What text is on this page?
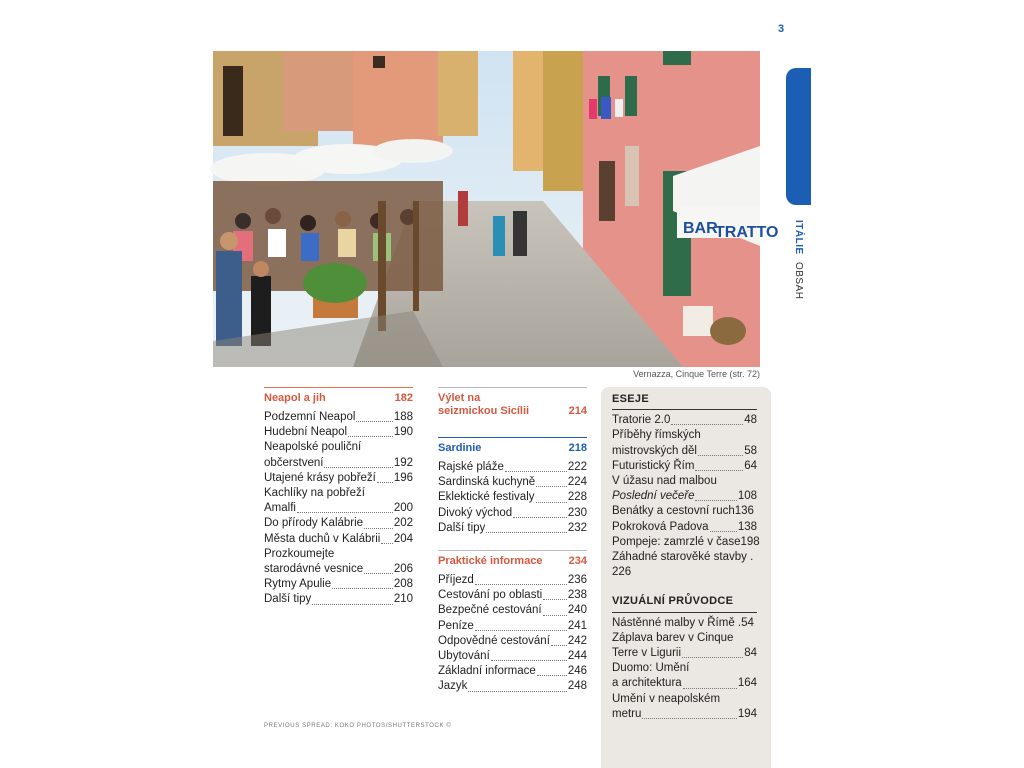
3
ITÁLIE OBSAH
BAR
TRATTO
Vernazza, Cinque Terre (str. 72)
Neapol a jih	182
Podzemní Neapol	188
Hudební Neapol	190
Neapolské pouliční
občerstvení	192
Utajené krásy pobřeží 196
Kachlíky na pobřeží
Amalfi	200
Do přírody Kalábrie	202
Města duchů v Kalábrii 204
Prozkoumejte
starodávné vesnice	206
Rytmy Apulie	208
Další tipy	210
Výlet na
seizmickou Sicílii	214
Sardinie	218
Rajské pláže	222
Sardinská kuchyně	224
Eklektické festivaly	228
Divoký východ	230
Další tipy	232
Praktické informace	234
Příjezd	236
Cestování po oblasti 238
Bezpečné cestování 240
Peníze	241
Odpovědné cestování 242
Ubytování	244
Základní informace	246
Jazyk	248
ESEJE
Tratorie 2.0	48
Příběhy římských
mistrovských děl	58
Futuristický Řím	64
V úžasu nad malbou
Poslední večeře	108
Benátky a cestovní ruch 136
Pokroková Padova	138
Pompeje: zamrzlé v čase 198
Záhadné starověké stavby .
226
VIZUÁLNÍ PRŮVODCE
Nástěnné malby v Římě . 54
Záplava barev v Cinque
Terre v Ligurii	84
Duomo: Umění
a architektura	164
Umění v neapolském
metru	194
PREVIOUS SPREAD: KOKO PHOTOS/SHUTTERSTOCK ©
